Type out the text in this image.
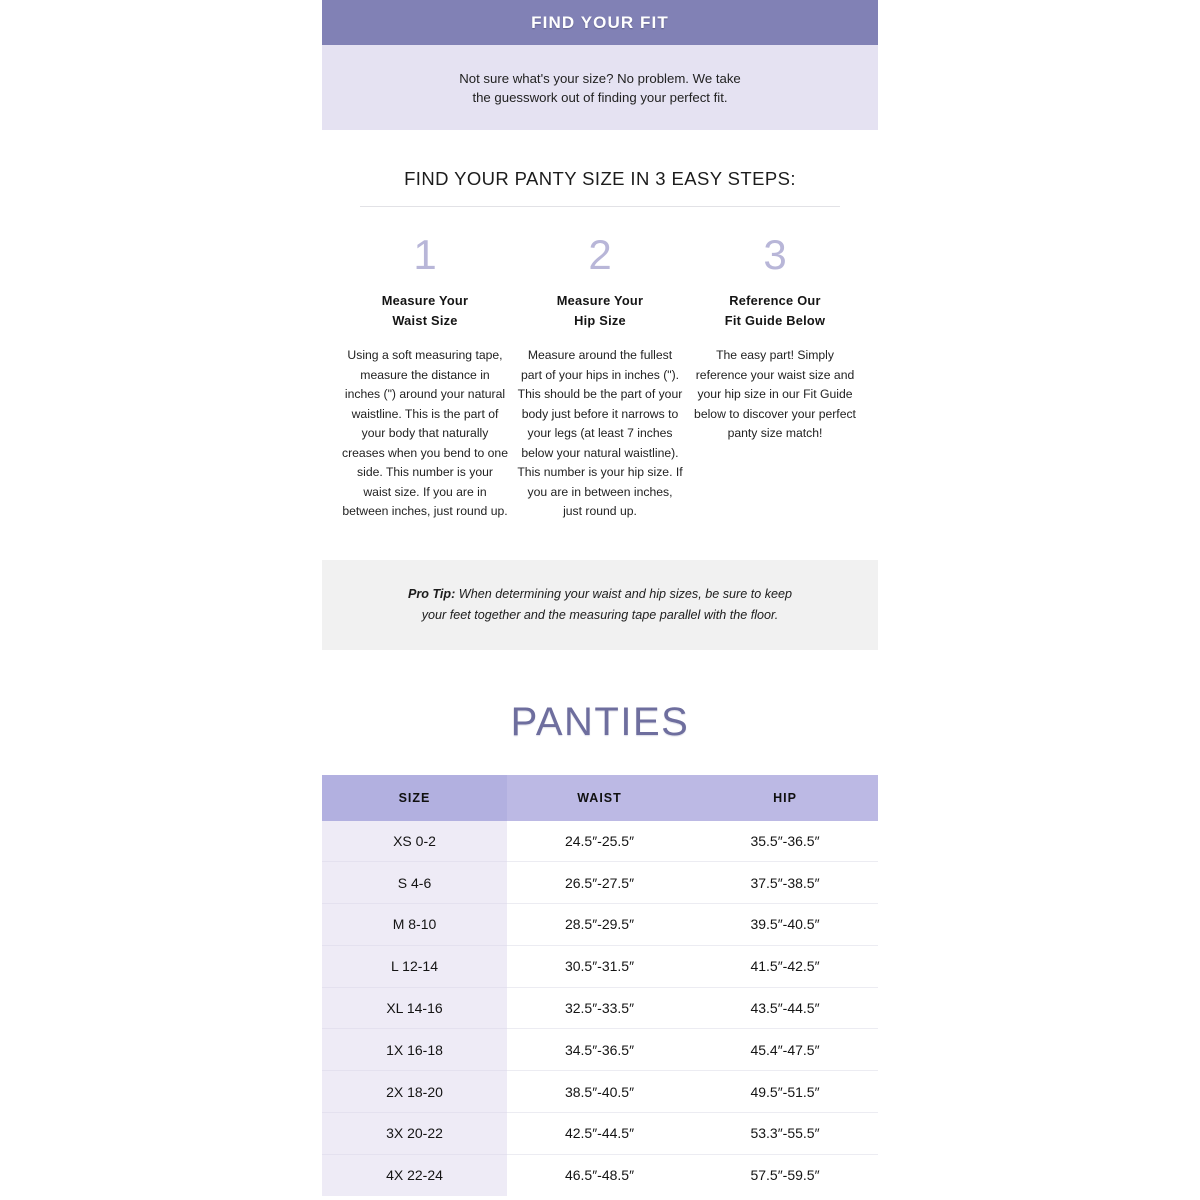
FIND YOUR FIT
Not sure what's your size? No problem. We take
the guesswork out of finding your perfect fit.
FIND YOUR PANTY SIZE IN 3 EASY STEPS:
1
Measure Your
Waist Size
Using a soft measuring tape, measure the distance in inches (") around your natural waistline. This is the part of your body that naturally creases when you bend to one side. This number is your waist size. If you are in between inches, just round up.
2
Measure Your
Hip Size
Measure around the fullest part of your hips in inches ("). This should be the part of your body just before it narrows to your legs (at least 7 inches below your natural waistline). This number is your hip size. If you are in between inches, just round up.
3
Reference Our
Fit Guide Below
The easy part! Simply reference your waist size and your hip size in our Fit Guide below to discover your perfect panty size match!
Pro Tip: When determining your waist and hip sizes, be sure to keep
your feet together and the measuring tape parallel with the floor.
PANTIES
SIZE	WAIST	HIP
XS 0-2	24.5″-25.5″	35.5″-36.5″
S 4-6	26.5″-27.5″	37.5″-38.5″
M 8-10	28.5″-29.5″	39.5″-40.5″
L 12-14	30.5″-31.5″	41.5″-42.5″
XL 14-16	32.5″-33.5″	43.5″-44.5″
1X 16-18	34.5″-36.5″	45.4″-47.5″
2X 18-20	38.5″-40.5″	49.5″-51.5″
3X 20-22	42.5″-44.5″	53.3″-55.5″
4X 22-24	46.5″-48.5″	57.5″-59.5″
